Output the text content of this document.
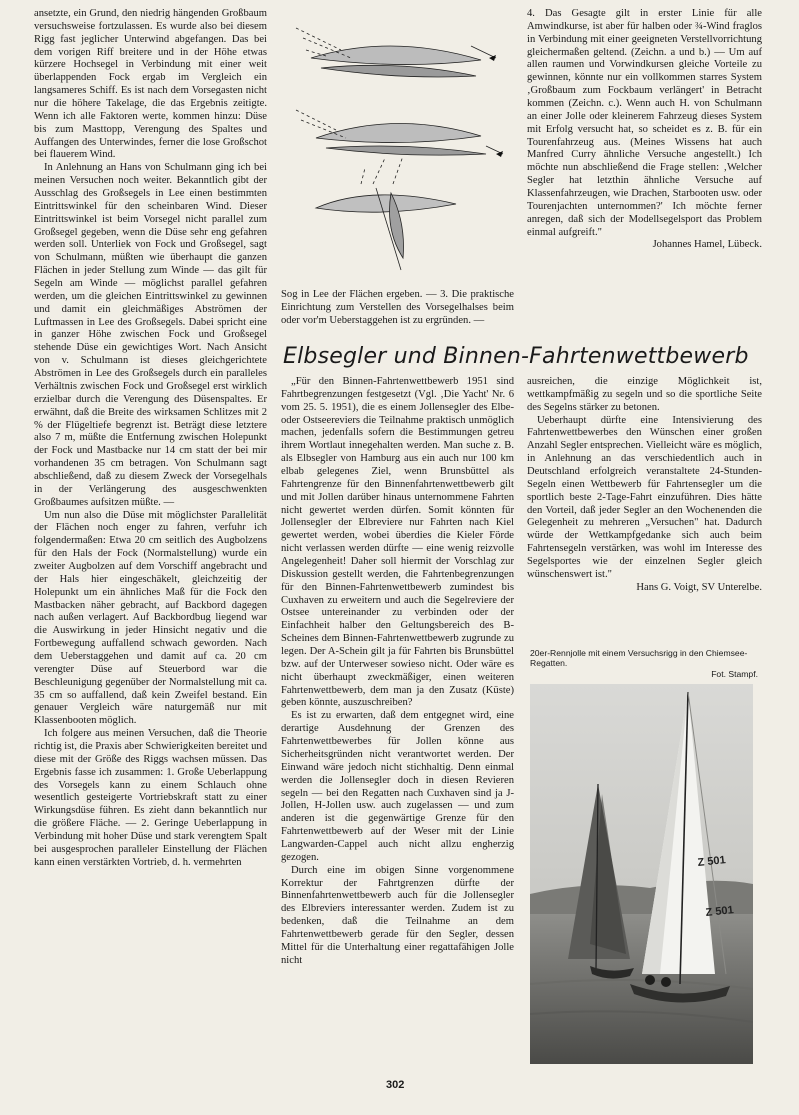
ansetzte, ein Grund, den niedrig hängenden Großbaum versuchsweise fortzulassen. Es wurde also bei diesem Rigg fast jeglicher Unterwind abgefangen. Das bei dem vorigen Riff breitere und in der Höhe etwas kürzere Hochsegel in Verbindung mit einer weit überlappenden Fock ergab im Vergleich ein langsameres Schiff. Es ist nach dem Vorsegasten nicht nur die höhere Takelage, die das Ergebnis zeitigte. Wenn ich alle Faktoren werte, kommen hinzu: Düse bis zum Masttopp, Verengung des Spaltes und Auffangen des Unterwindes, ferner die lose Großschot bei flauerem Wind.

In Anlehnung an Hans von Schulmann ging ich bei meinen Versuchen noch weiter. Bekanntlich gibt der Ausschlag des Großsegels in Lee einen bestimmten Eintrittswinkel für den scheinbaren Wind. Dieser Eintrittswinkel ist beim Vorsegel nicht parallel zum Großsegel gegeben, wenn die Düse sehr eng gefahren werden soll. Unterliek von Fock und Großsegel, sagt von Schulmann, müßten wie überhaupt die ganzen Flächen in jeder Stellung zum Winde — das gilt für Segeln am Winde — möglichst parallel gefahren werden, um die gleichen Eintrittswinkel zu gewinnen und damit ein gleichmäßiges Abströmen der Luftmassen in Lee des Großsegels. Dabei spricht eine in ganzer Höhe zwischen Fock und Großsegel stehende Düse ein gewichtiges Wort. Nach Ansicht von v. Schulmann ist dieses gleichgerichtete Abströmen in Lee des Großsegels durch ein paralleles Verhältnis zwischen Fock und Großsegel erst wirklich erzielbar durch die Verengung des Düsenspaltes. Er erwähnt, daß die Breite des wirksamen Schlitzes mit 2 % der Flügeltiefe begrenzt ist. Beträgt diese letztere also 7 m, müßte die Entfernung zwischen Holepunkt der Fock und Mastbacke nur 14 cm statt der bei mir vorhandenen 35 cm betragen. Von Schulmann sagt abschließend, daß zu diesem Zweck der Vorsegelhals in der Verlängerung des ausgeschwenkten Großbaumes aufsitzen müßte. —

Um nun also die Düse mit möglichster Parallelität der Flächen noch enger zu fahren, verfuhr ich folgendermaßen: Etwa 20 cm seitlich des Augbolzens für den Hals der Fock (Normalstellung) wurde ein zweiter Augbolzen auf dem Vorschiff angebracht und der Hals hier eingeschäkelt, gleichzeitig der Holepunkt um ein ähnliches Maß für die Fock den Mastbacken näher gebracht, auf Backbord dagegen nach außen verlagert. Auf Backbordbug liegend war die Auswirkung in jeder Hinsicht negativ und die Fortbewegung auffallend schwach geworden. Nach dem Ueberstaggehen und damit auf ca. 20 cm verengter Düse auf Steuerbord war die Beschleunigung gegenüber der Normalstellung mit ca. 35 cm so auffallend, daß kein Zweifel bestand. Ein genauer Vergleich wäre naturgemäß nur mit Klassenbooten möglich.

Ich folgere aus meinen Versuchen, daß die Theorie richtig ist, die Praxis aber Schwierigkeiten bereitet und diese mit der Größe des Riggs wachsen müssen. Das Ergebnis fasse ich zusammen: 1. Große Ueberlappung des Vorsegels kann zu einem Schlauch ohne wesentlich gesteigerte Vortriebskraft statt zu einer Wirkungsdüse führen. Es zieht dann bekanntlich nur die größere Fläche. — 2. Geringe Ueberlappung in Verbindung mit hoher Düse und stark verengtem Spalt bei ausgesprochen paralleler Einstellung der Flächen kann einen verstärkten Vortrieb, d. h. vermehrten

Sog in Lee der Flächen ergeben. — 3. Die praktische Einrichtung zum Verstellen des Vorsegelhalses beim oder vor'm Ueberstaggehen ist zu ergründen. —

4. Das Gesagte gilt in erster Linie für alle Amwindkurse, ist aber für halben oder ¾-Wind fraglos in Verbindung mit einer geeigneten Verstellvorrichtung gleichermaßen geltend. (Zeichn. a und b.) — Um auf allen raumen und Vorwindkursen gleiche Vorteile zu gewinnen, könnte nur ein vollkommen starres System ‚Großbaum zum Fockbaum verlängert' in Betracht kommen (Zeichn. c.). Wenn auch H. von Schulmann an einer Jolle oder kleinerem Fahrzeug dieses System mit Erfolg versucht hat, so scheidet es z. B. für ein Tourenfahrzeug aus. (Meines Wissens hat auch Manfred Curry ähnliche Versuche angestellt.) Ich möchte nun abschließend die Frage stellen: ‚Welcher Segler hat letzthin ähnliche Versuche auf Klassenfahrzeugen, wie Drachen, Starbooten usw. oder Tourenjachten unternommen?' Ich möchte ferner anregen, daß sich der Modellsegelsport das Problem einmal aufgreift."

Johannes Hamel, Lübeck.

Elbsegler und Binnen-Fahrtenwettbewerb

„Für den Binnen-Fahrtenwettbewerb 1951 sind Fahrtbegrenzungen festgesetzt (Vgl. ‚Die Yacht' Nr. 6 vom 25. 5. 1951), die es einem Jollensegler des Elbe- oder Ostseereviers die Teilnahme praktisch unmöglich machen, jedenfalls sofern die Bestimmungen getreu ihrem Wortlaut innegehalten werden. Man suche z. B. als Elbsegler von Hamburg aus ein auch nur 100 km elbab gelegenes Ziel, wenn Brunsbüttel als Fahrtengrenze für den Binnenfahrtenwettbewerb gilt und mit Jollen darüber hinaus unternommene Fahrten nicht gewertet werden dürfen. Somit könnten für Jollensegler der Elbreviere nur Fahrten nach Kiel gewertet werden, wobei überdies die Kieler Förde nicht verlassen werden dürfte — eine wenig reizvolle Angelegenheit! Daher soll hiermit der Vorschlag zur Diskussion gestellt werden, die Fahrtenbegrenzungen für den Binnen-Fahrtenwettbewerb zumindest bis Cuxhaven zu erweitern und auch die Segelreviere der Ostsee untereinander zu verbinden oder der Einfachheit halber den Geltungsbereich des B-Scheines dem Binnen-Fahrtenwettbewerb zugrunde zu legen. Der A-Schein gilt ja für Fahrten bis Brunsbüttel bzw. auf der Unterweser sowieso nicht. Oder wäre es nicht überhaupt zweckmäßiger, einen weiteren Fahrtenwettbewerb, dem man ja den Zusatz (Küste) geben könnte, auszuschreiben?

Es ist zu erwarten, daß dem entgegnet wird, eine derartige Ausdehnung der Grenzen des Fahrtenwettbewerbes für Jollen könne aus Sicherheitsgründen nicht verantwortet werden. Der Einwand wäre jedoch nicht stichhaltig. Denn einmal werden die Jollensegler doch in diesen Revieren segeln — bei den Regatten nach Cuxhaven sind ja J-Jollen, H-Jollen usw. auch zugelassen — und zum anderen ist die gegenwärtige Grenze für den Fahrtenwettbewerb auf der Weser mit der Linie Langwarden-Cappel auch nicht allzu engherzig gezogen.

Durch eine im obigen Sinne vorgenommene Korrektur der Fahrtgrenzen dürfte der Binnenfahrtenwettbewerb auch für die Jollensegler des Elbreviers interessanter werden. Zudem ist zu bedenken, daß die Teilnahme an dem Fahrtenwettbewerb gerade für den Segler, dessen Mittel für die Unterhaltung einer regattafähigen Jolle nicht

ausreichen, die einzige Möglichkeit ist, wettkampfmäßig zu segeln und so die sportliche Seite des Segelns stärker zu betonen.

Ueberhaupt dürfte eine Intensivierung des Fahrtenwettbewerbes den Wünschen einer großen Anzahl Segler entsprechen. Vielleicht wäre es möglich, in Anlehnung an das verschiedentlich auch in Deutschland erfolgreich veranstaltete 24-Stunden-Segeln einen Wettbewerb für Fahrtensegler um die sportlich beste 2-Tage-Fahrt einzuführen. Dies hätte den Vorteil, daß jeder Segler an den Wochenenden die Gelegenheit zu mehreren „Versuchen" hat. Dadurch würde der Wettkampfgedanke sich auch beim Fahrtensegeln verstärken, was wohl im Interesse des Segelsportes wie der einzelnen Segler gleich wünschenswert ist."

Hans G. Voigt, SV Unterelbe.

20er-Rennjolle mit einem Versuchsrigg in den Chiemsee-Regatten.
Fot. Stampf.
Z 501
Z 501
302
